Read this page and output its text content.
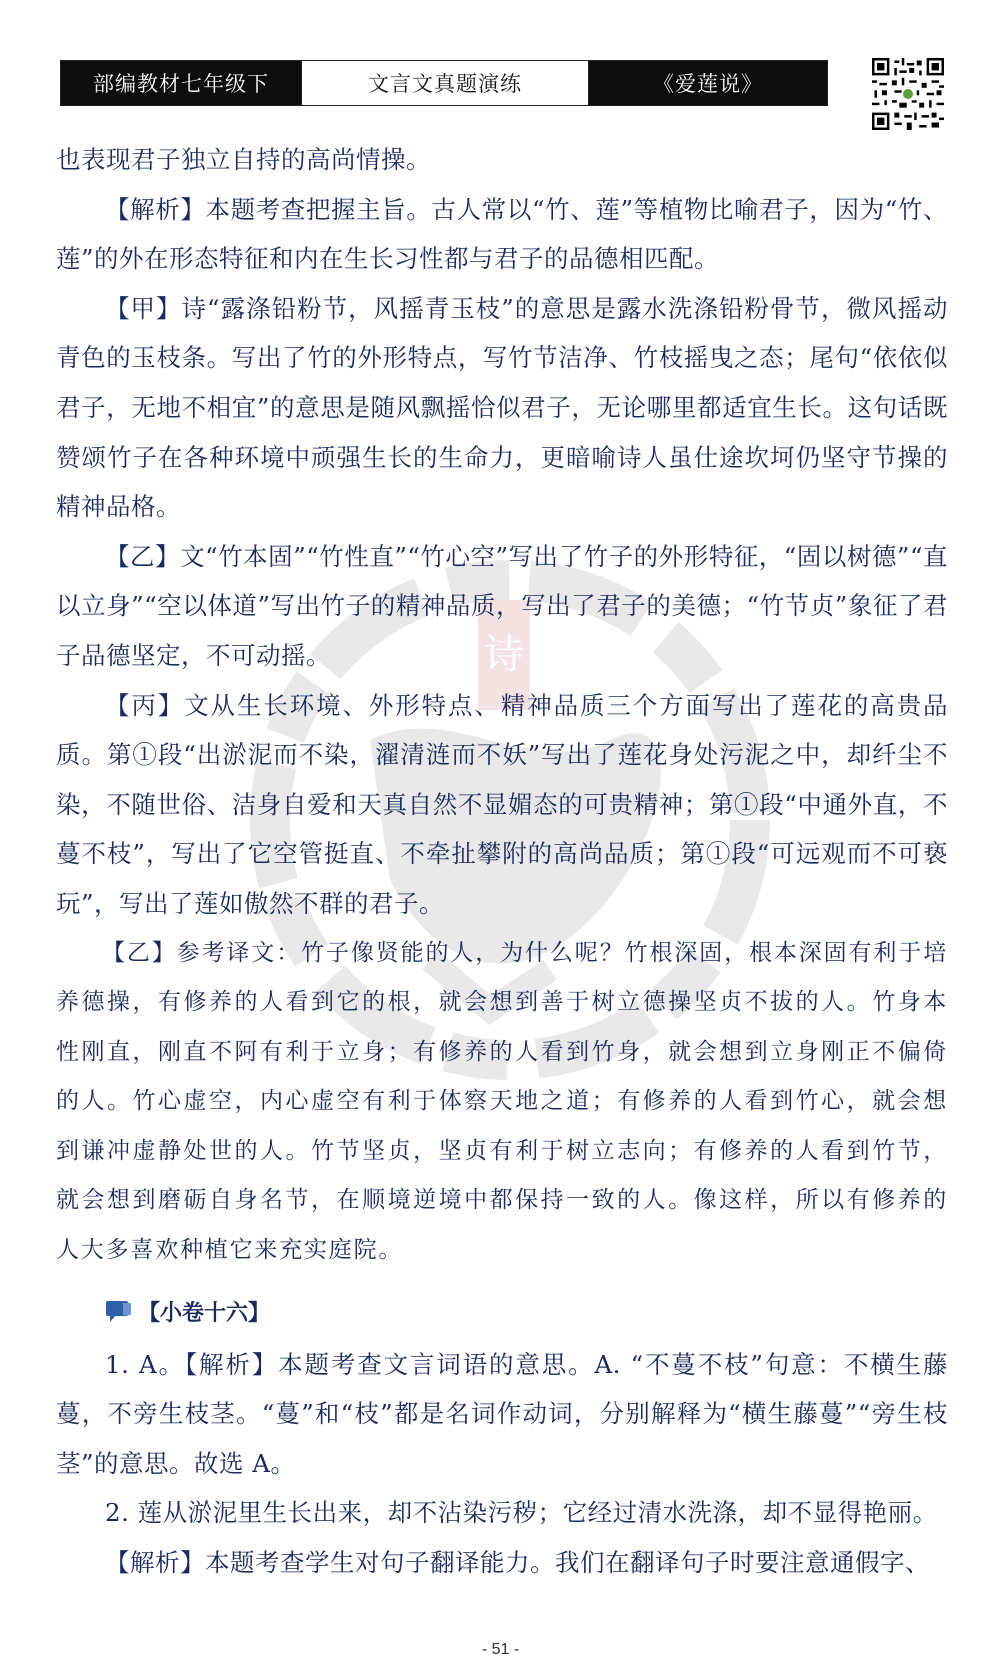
部编教材七年级下	文言文真题演练	《爱莲说》
诗

也表现君子独立自持的高尚情操。

【解析】本题考查把握主旨。古人常以“竹、莲”等植物比喻君子，因为“竹、莲”的外在形态特征和内在生长习性都与君子的品德相匹配。

【甲】诗“露涤铅粉节，风摇青玉枝”的意思是露水洗涤铅粉骨节，微风摇动青色的玉枝条。写出了竹的外形特点，写竹节洁净、竹枝摇曳之态；尾句“依依似君子，无地不相宜”的意思是随风飘摇恰似君子，无论哪里都适宜生长。这句话既赞颂竹子在各种环境中顽强生长的生命力，更暗喻诗人虽仕途坎坷仍坚守节操的精神品格。

【乙】文“竹本固”“竹性直”“竹心空”写出了竹子的外形特征，“固以树德”“直以立身”“空以体道”写出竹子的精神品质，写出了君子的美德；“竹节贞”象征了君子品德坚定，不可动摇。

【丙】文从生长环境、外形特点、精神品质三个方面写出了莲花的高贵品质。第①段“出淤泥而不染，濯清涟而不妖”写出了莲花身处污泥之中，却纤尘不染，不随世俗、洁身自爱和天真自然不显媚态的可贵精神；第①段“中通外直，不蔓不枝”，写出了它空管挺直、不牵扯攀附的高尚品质；第①段“可远观而不可亵玩”，写出了莲如傲然不群的君子。

【乙】参考译文：竹子像贤能的人，为什么呢？竹根深固，根本深固有利于培养德操，有修养的人看到它的根，就会想到善于树立德操坚贞不拔的人。竹身本性刚直，刚直不阿有利于立身；有修养的人看到竹身，就会想到立身刚正不偏倚的人。竹心虚空，内心虚空有利于体察天地之道；有修养的人看到竹心，就会想到谦冲虚静处世的人。竹节坚贞，坚贞有利于树立志向；有修养的人看到竹节，就会想到磨砺自身名节，在顺境逆境中都保持一致的人。像这样，所以有修养的人大多喜欢种植它来充实庭院。

【小卷十六】

1. A。【解析】本题考查文言词语的意思。A. “不蔓不枝”句意：不横生藤蔓，不旁生枝茎。“蔓”和“枝”都是名词作动词，分别解释为“横生藤蔓”“旁生枝茎”的意思。故选 A。

2. 莲从淤泥里生长出来，却不沾染污秽；它经过清水洗涤，却不显得艳丽。

【解析】本题考查学生对句子翻译能力。我们在翻译句子时要注意通假字、

- 51 -
